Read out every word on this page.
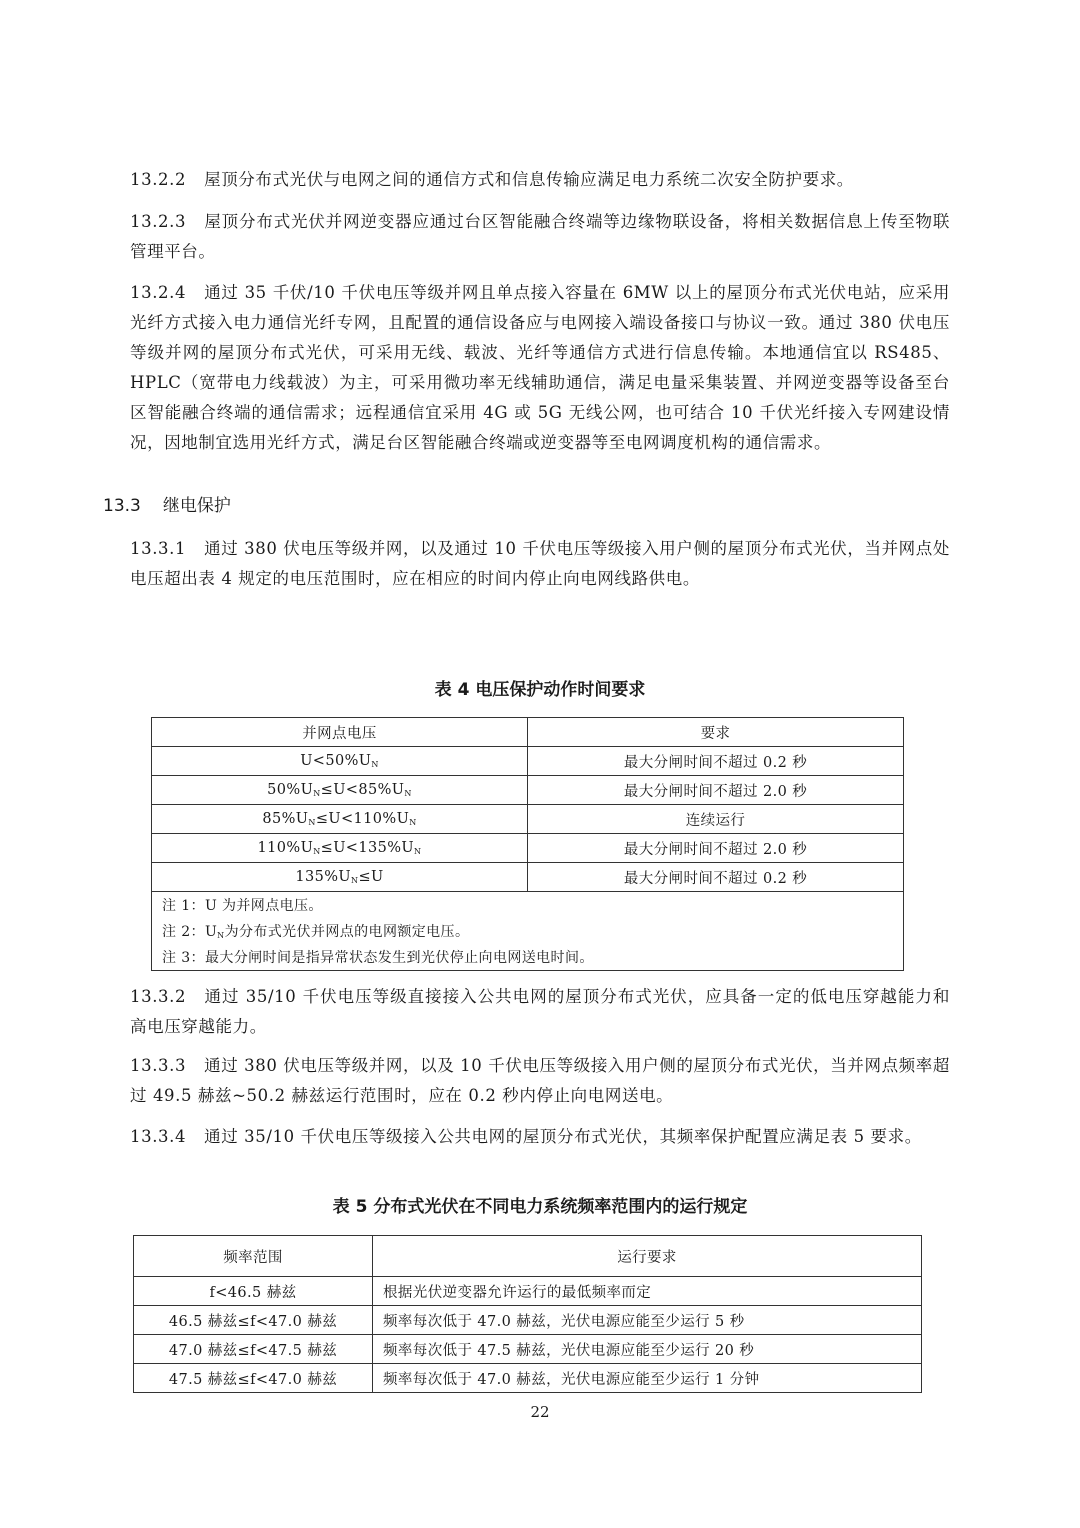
13.2.2 屋顶分布式光伏与电网之间的通信方式和信息传输应满足电力系统二次安全防护要求。

13.2.3 屋顶分布式光伏并网逆变器应通过台区智能融合终端等边缘物联设备，将相关数据信息上传至物联管理平台。

13.2.4 通过 35 千伏/10 千伏电压等级并网且单点接入容量在 6MW 以上的屋顶分布式光伏电站，应采用光纤方式接入电力通信光纤专网，且配置的通信设备应与电网接入端设备接口与协议一致。通过 380 伏电压等级并网的屋顶分布式光伏，可采用无线、载波、光纤等通信方式进行信息传输。本地通信宜以 RS485、HPLC（宽带电力线载波）为主，可采用微功率无线辅助通信，满足电量采集装置、并网逆变器等设备至台区智能融合终端的通信需求；远程通信宜采用 4G 或 5G 无线公网，也可结合 10 千伏光纤接入专网建设情况，因地制宜选用光纤方式，满足台区智能融合终端或逆变器等至电网调度机构的通信需求。

13.3 继电保护

13.3.1 通过 380 伏电压等级并网，以及通过 10 千伏电压等级接入用户侧的屋顶分布式光伏，当并网点处电压超出表 4 规定的电压范围时，应在相应的时间内停止向电网线路供电。

表 4 电压保护动作时间要求
并网点电压	要求
$U<50\%U_N$	最大分闸时间不超过 0.2 秒
$50\%U_N\le U<85\%U_N$	最大分闸时间不超过 2.0 秒
$85\%U_N\le U<110\%U_N$	连续运行
$110\%U_N\le U<135\%U_N$	最大分闸时间不超过 2.0 秒
$135\%U_N\le U$	最大分闸时间不超过 0.2 秒
注 1：U 为并网点电压。	
注 2：$U_N$为分布式光伏并网点的电网额定电压。	
注 3：最大分闸时间是指异常状态发生到光伏停止向电网送电时间。	

13.3.2 通过 35/10 千伏电压等级直接接入公共电网的屋顶分布式光伏，应具备一定的低电压穿越能力和高电压穿越能力。

13.3.3 通过 380 伏电压等级并网，以及 10 千伏电压等级接入用户侧的屋顶分布式光伏，当并网点频率超过 49.5 赫兹~50.2 赫兹运行范围时，应在 0.2 秒内停止向电网送电。

13.3.4 通过 35/10 千伏电压等级接入公共电网的屋顶分布式光伏，其频率保护配置应满足表 5 要求。

表 5 分布式光伏在不同电力系统频率范围内的运行规定
频率范围	运行要求
f<46.5 赫兹	根据光伏逆变器允许运行的最低频率而定
46.5 赫兹≤f<47.0 赫兹	频率每次低于 47.0 赫兹，光伏电源应能至少运行 5 秒
47.0 赫兹≤f<47.5 赫兹	频率每次低于 47.5 赫兹，光伏电源应能至少运行 20 秒
47.5 赫兹≤f<47.0 赫兹	频率每次低于 47.0 赫兹，光伏电源应能至少运行 1 分钟
22
